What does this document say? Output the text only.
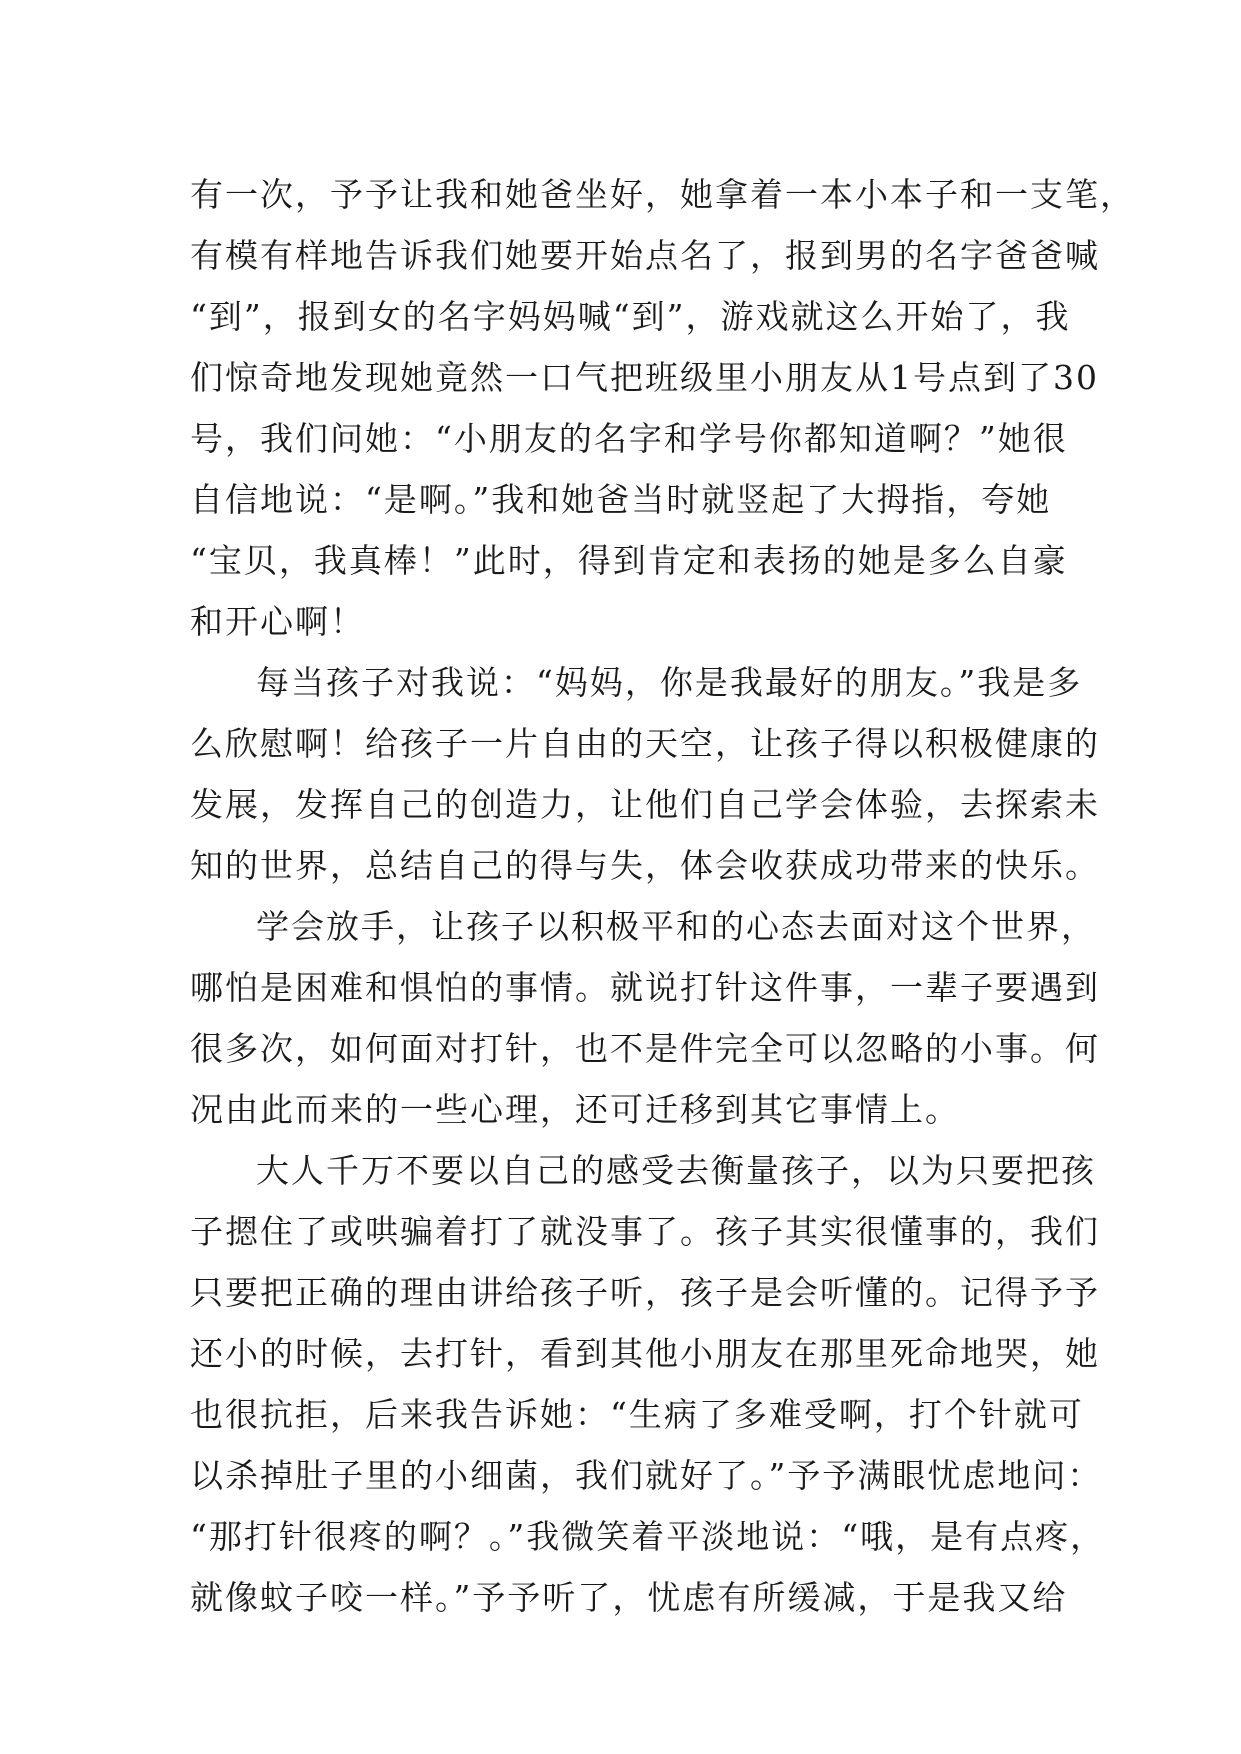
有一次，予予让我和她爸坐好，她拿着一本小本子和一支笔，
有模有样地告诉我们她要开始点名了，报到男的名字爸爸喊
“到”，报到女的名字妈妈喊“到”，游戏就这么开始了，我
们惊奇地发现她竟然一口气把班级里小朋友从1号点到了30
号，我们问她：“小朋友的名字和学号你都知道啊？”她很
自信地说：“是啊。”我和她爸当时就竖起了大拇指，夸她
“宝贝，我真棒！”此时，得到肯定和表扬的她是多么自豪
和开心啊！
每当孩子对我说：“妈妈，你是我最好的朋友。”我是多
么欣慰啊！给孩子一片自由的天空，让孩子得以积极健康的
发展，发挥自己的创造力，让他们自己学会体验，去探索未
知的世界，总结自己的得与失，体会收获成功带来的快乐。
学会放手，让孩子以积极平和的心态去面对这个世界，
哪怕是困难和惧怕的事情。就说打针这件事，一辈子要遇到
很多次，如何面对打针，也不是件完全可以忽略的小事。何
况由此而来的一些心理，还可迁移到其它事情上。
大人千万不要以自己的感受去衡量孩子，以为只要把孩
子摁住了或哄骗着打了就没事了。孩子其实很懂事的，我们
只要把正确的理由讲给孩子听，孩子是会听懂的。记得予予
还小的时候，去打针，看到其他小朋友在那里死命地哭，她
也很抗拒，后来我告诉她：“生病了多难受啊，打个针就可
以杀掉肚子里的小细菌，我们就好了。”予予满眼忧虑地问：
“那打针很疼的啊？。”我微笑着平淡地说：“哦，是有点疼，
就像蚊子咬一样。”予予听了，忧虑有所缓减，于是我又给
